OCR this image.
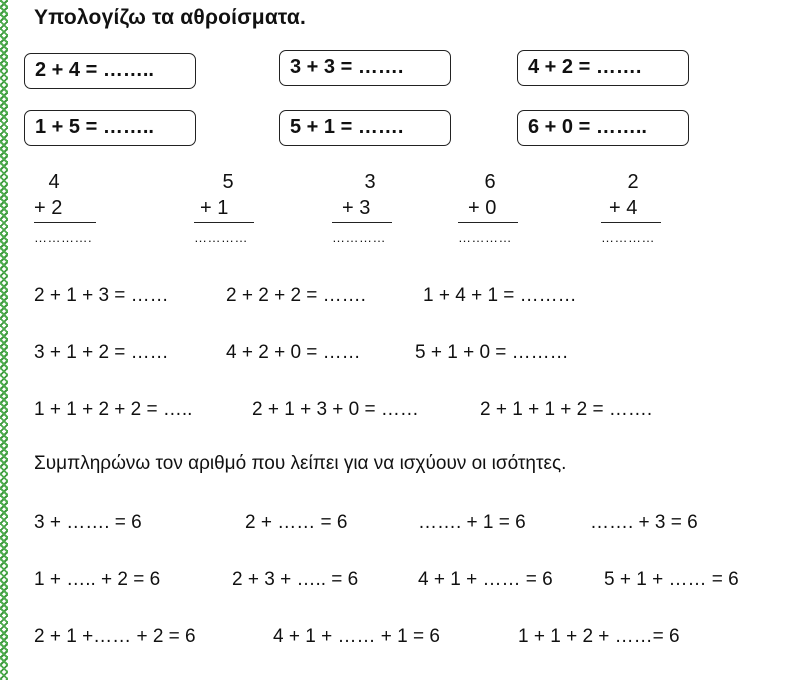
Υπολογίζω τα αθροίσματα.
2 + 4 = ……..	3 + 3 = …….	4 + 2 = …….
1 + 5 = ……..	5 + 1 = …….	6 + 0 = ……..
4
+ 2
………….
5
+ 1
…………
3
+ 3
…………
6
+ 0
…………
2
+ 4
…………
2 + 1 + 3 = ……	2 + 2 + 2 = …….	1 + 4 + 1 = ………
3 + 1 + 2 = ……	4 + 2 + 0 = ……	5 + 1 + 0 = ………
1 + 1 + 2 + 2 = …..	2 + 1 + 3 + 0 = ……	2 + 1 + 1 + 2 = …….
Συμπληρώνω τον αριθμό που λείπει για να ισχύουν οι ισότητες.
3 + ……. = 6	2 + …… = 6	……. + 1 = 6	……. + 3 = 6
1 + ….. + 2 = 6	2 + 3 + ….. = 6	4 + 1 + …… = 6	5 + 1 + …… = 6
2 + 1 +…… + 2 = 6	4 + 1 + …… + 1 = 6	1 + 1 + 2 + ……= 6
